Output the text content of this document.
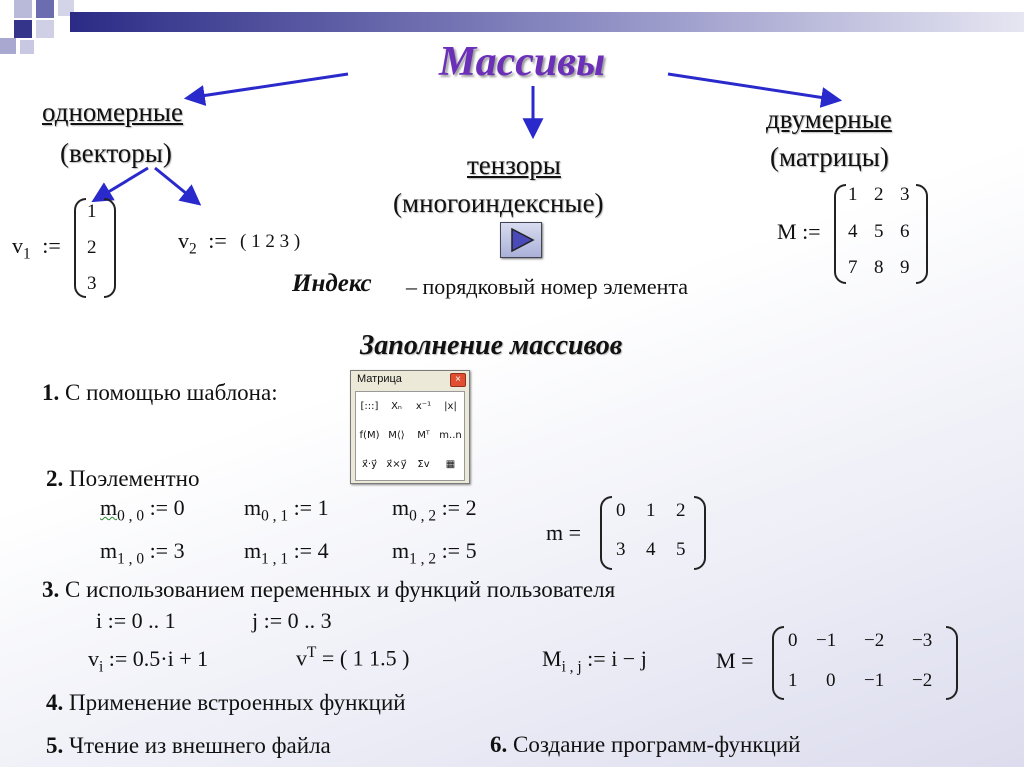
Массивы
одномерные
(векторы)	тензоры
(многоиндексные)
двумерные
(матрицы)
$v_1$ :=
1
2
3
$v_2$ := ( 1 2 3 )	M :=
1 2 3
4 5 6
7 8 9
Индекс – порядковый номер элемента
Заполнение массивов
1. С помощью шаблона:
Матрица	×
[:::]	Xₙ	x⁻¹	|x|
f(M) M⟨⟩	Mᵀ m..n
x⃗·y⃗ x⃗×y⃗	Σv	▦
2. Поэлементно
$m_{0 , 0}$ := 0	$m_{0 , 1}$ := 1	$m_{0 , 2}$ := 2
$m_{1 , 0}$ := 3	$m_{1 , 1}$ := 4	$m_{1 , 2}$ := 5
m =
0 1 2
3 4 5
3. С использованием переменных и функций пользователя
i := 0 .. 1	j := 0 .. 3
$v_i$ := 0.5·i + 1	$v^T$ = ( 1 1.5 )	$M_{i , j}$ := i − j	M =
0 −1 −2 −3
1 0 −1 −2
4. Применение встроенных функций
5. Чтение из внешнего файла	6. Создание программ-функций
